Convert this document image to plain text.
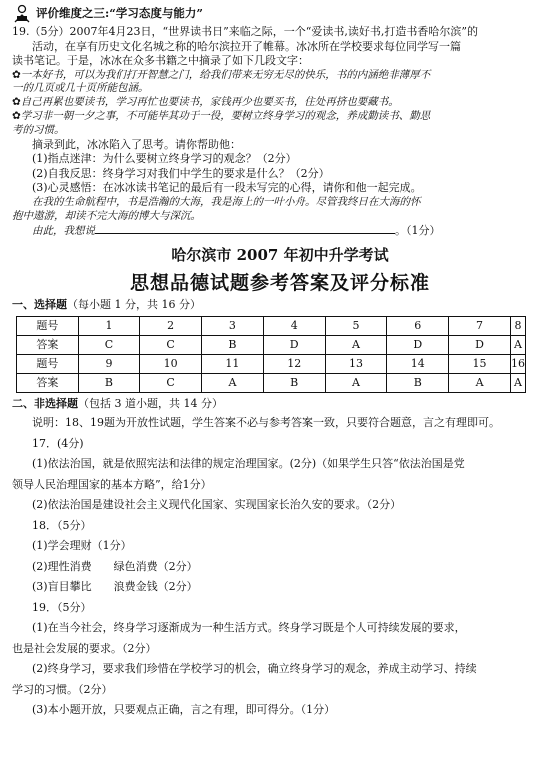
评价维度之三:“学习态度与能力”
19.（5分）2007年4月23日，“世界读书日”来临之际，一个“爱读书,读好书,打造书香哈尔滨”的
活动，在享有历史文化名城之称的哈尔滨拉开了帷幕。冰冰所在学校要求每位同学写一篇
读书笔记。于是，冰冰在众多书籍之中摘录了如下几段文字：
✿一本好书，可以为我们打开智慧之门，给我们带来无穷无尽的快乐，书的内涵绝非薄厚不
一的几页或几十页所能包涵。
✿自己再累也要读书，学习再忙也要读书，家钱再少也要买书，住处再挤也要藏书。
✿学习非一朝一夕之事，不可能毕其功于一役，要树立终身学习的观念，养成勤读书、勤思
考的习惯。
摘录到此，冰冰陷入了思考。请你帮助他：
(1)指点迷津：为什么要树立终身学习的观念？（2分）
(2)自我反思：终身学习对我们中学生的要求是什么？（2分）
(3)心灵感悟：在冰冰读书笔记的最后有一段未写完的心得，请你和他一起完成。
在我的生命航程中，书是浩瀚的大海，我是海上的一叶小舟。尽管我终日在大海的怀
抱中遨游，却读不完大海的博大与深沉。
由此，我想说	。（1分）
哈尔滨市 2007 年初中升学考试
思想品德试题参考答案及评分标准
一、选择题（每小题 1 分，共 16 分）
题号	1	2	3	4	5	6	7	8
答案	C	C	B	D	A	D	D	A
题号	9	10	11	12	13	14	15	16
答案	B	C	A	B	A	B	A	A
二、非选择题（包括 3 道小题，共 14 分）
说明：18、19题为开放性试题，学生答案不必与参考答案一致，只要符合题意，言之有理即可。
17．(4分)
(1)依法治国，就是依照宪法和法律的规定治理国家。(2分)（如果学生只答“依法治国是党
领导人民治理国家的基本方略”，给1分）
(2)依法治国是建设社会主义现代化国家、实现国家长治久安的要求。（2分）
18．（5分）
(1)学会理财（1分）
(2)理性消费　　绿色消费（2分）
(3)盲目攀比　　浪费金钱（2分）
19．（5分）
(1)在当今社会，终身学习逐渐成为一种生活方式。终身学习既是个人可持续发展的要求，
也是社会发展的要求。（2分）
(2)终身学习，要求我们珍惜在学校学习的机会，确立终身学习的观念，养成主动学习、持续
学习的习惯。（2分）
(3)本小题开放，只要观点正确，言之有理，即可得分。（1分）
